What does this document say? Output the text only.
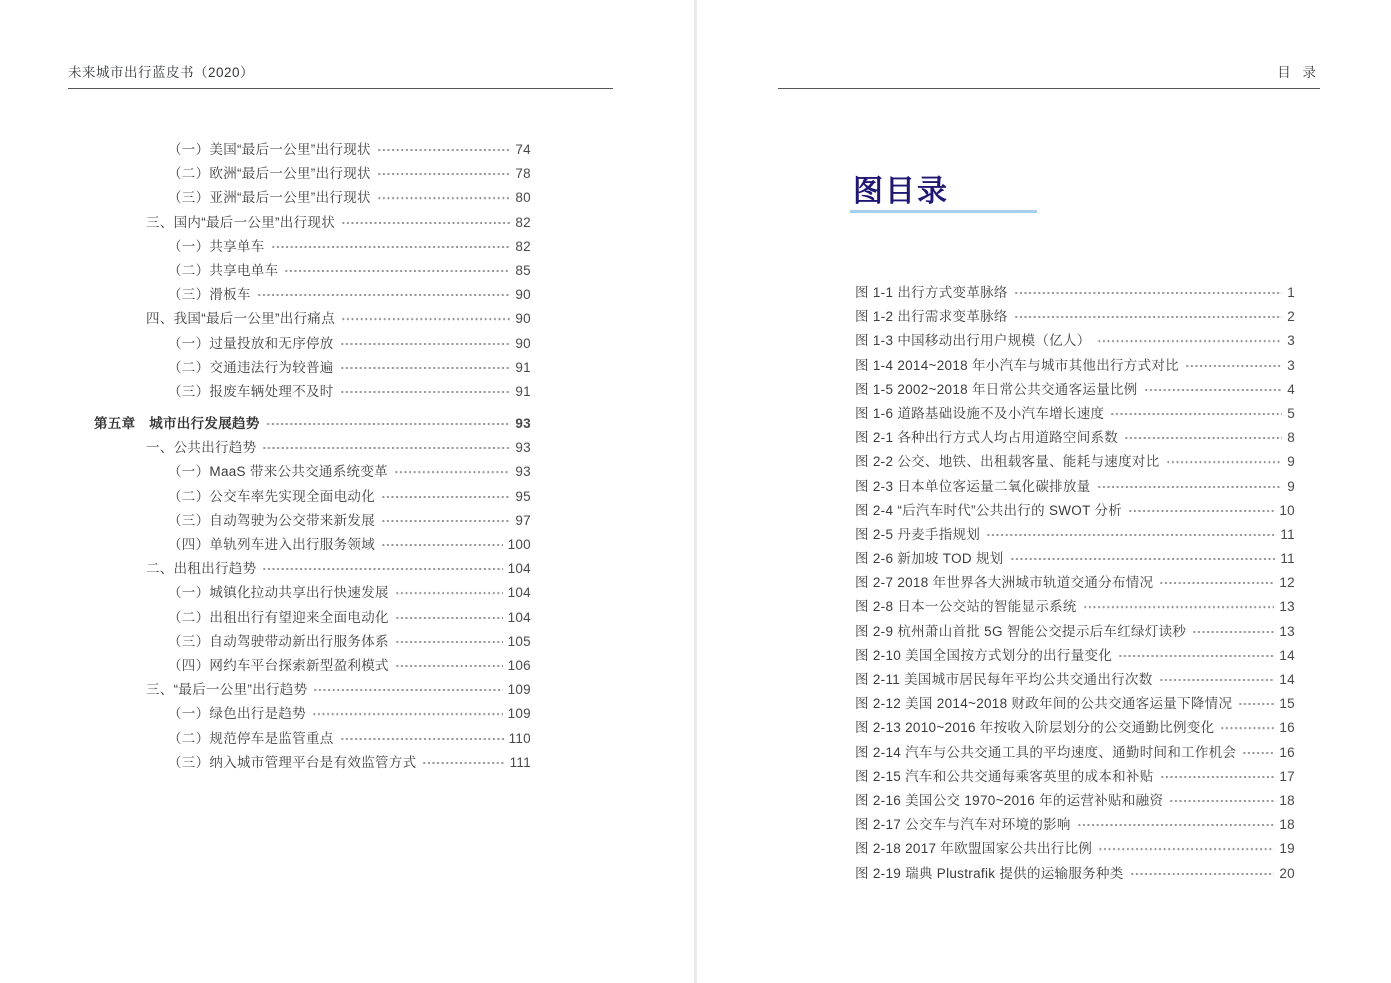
未来城市出行蓝皮书（2020）
（一）美国“最后一公里”出行现状	74
（二）欧洲“最后一公里”出行现状	78
（三）亚洲“最后一公里”出行现状	80
三、国内“最后一公里”出行现状	82
（一）共享单车	82
（二）共享电单车	85
（三）滑板车	90
四、我国“最后一公里”出行痛点	90
（一）过量投放和无序停放	90
（二）交通违法行为较普遍	91
（三）报废车辆处理不及时	91
第五章　城市出行发展趋势	93
一、公共出行趋势	93
（一）MaaS 带来公共交通系统变革	93
（二）公交车率先实现全面电动化	95
（三）自动驾驶为公交带来新发展	97
（四）单轨列车进入出行服务领域	100
二、出租出行趋势	104
（一）城镇化拉动共享出行快速发展	104
（二）出租出行有望迎来全面电动化	104
（三）自动驾驶带动新出行服务体系	105
（四）网约车平台探索新型盈利模式	106
三、“最后一公里”出行趋势	109
（一）绿色出行是趋势	109
（二）规范停车是监管重点	110
（三）纳入城市管理平台是有效监管方式	111
目 录
图目录
图 1-1 出行方式变革脉络	1
图 1-2 出行需求变革脉络	2
图 1-3 中国移动出行用户规模（亿人）	3
图 1-4 2014~2018 年小汽车与城市其他出行方式对比	3
图 1-5 2002~2018 年日常公共交通客运量比例	4
图 1-6 道路基础设施不及小汽车增长速度	5
图 2-1 各种出行方式人均占用道路空间系数	8
图 2-2 公交、地铁、出租载客量、能耗与速度对比	9
图 2-3 日本单位客运量二氧化碳排放量	9
图 2-4 “后汽车时代”公共出行的 SWOT 分析	10
图 2-5 丹麦手指规划	11
图 2-6 新加坡 TOD 规划	11
图 2-7 2018 年世界各大洲城市轨道交通分布情况	12
图 2-8 日本一公交站的智能显示系统	13
图 2-9 杭州萧山首批 5G 智能公交提示后车红绿灯读秒	13
图 2-10 美国全国按方式划分的出行量变化	14
图 2-11 美国城市居民每年平均公共交通出行次数	14
图 2-12 美国 2014~2018 财政年间的公共交通客运量下降情况	15
图 2-13 2010~2016 年按收入阶层划分的公交通勤比例变化	16
图 2-14 汽车与公共交通工具的平均速度、通勤时间和工作机会	16
图 2-15 汽车和公共交通每乘客英里的成本和补贴	17
图 2-16 美国公交 1970~2016 年的运营补贴和融资	18
图 2-17 公交车与汽车对环境的影响	18
图 2-18 2017 年欧盟国家公共出行比例	19
图 2-19 瑞典 Plustrafik 提供的运输服务种类	20
